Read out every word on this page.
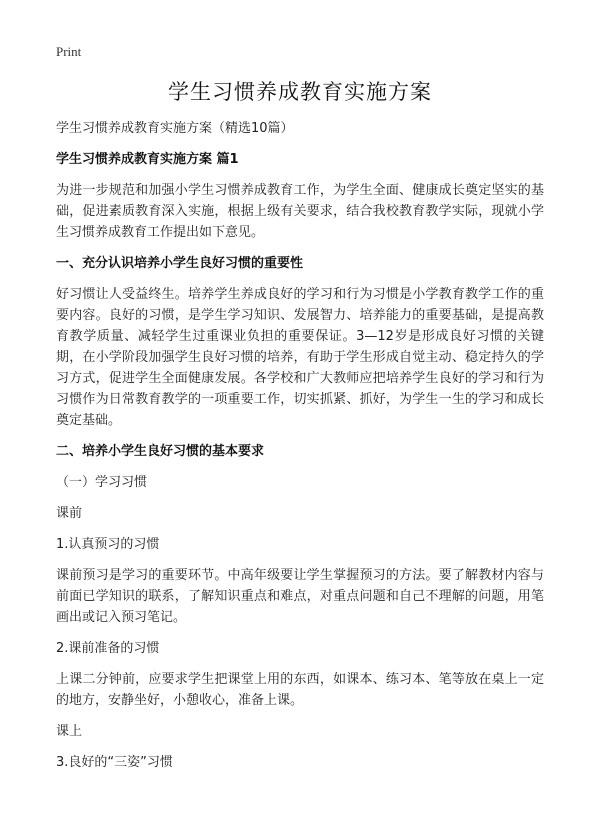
Print
学生习惯养成教育实施方案

学生习惯养成教育实施方案（精选10篇）

学生习惯养成教育实施方案 篇1

为进一步规范和加强小学生习惯养成教育工作，为学生全面、健康成长奠定坚实的基础，促进素质教育深入实施，根据上级有关要求，结合我校教育教学实际，现就小学生习惯养成教育工作提出如下意见。

一、充分认识培养小学生良好习惯的重要性

好习惯让人受益终生。培养学生养成良好的学习和行为习惯是小学教育教学工作的重要内容。良好的习惯，是学生学习知识、发展智力、培养能力的重要基础，是提高教育教学质量、减轻学生过重课业负担的重要保证。3—12岁是形成良好习惯的关键期，在小学阶段加强学生良好习惯的培养，有助于学生形成自觉主动、稳定持久的学习方式，促进学生全面健康发展。各学校和广大教师应把培养学生良好的学习和行为习惯作为日常教育教学的一项重要工作，切实抓紧、抓好，为学生一生的学习和成长奠定基础。

二、培养小学生良好习惯的基本要求

（一）学习习惯

课前

1.认真预习的习惯

课前预习是学习的重要环节。中高年级要让学生掌握预习的方法。要了解教材内容与前面已学知识的联系，了解知识重点和难点，对重点问题和自己不理解的问题，用笔画出或记入预习笔记。

2.课前准备的习惯

上课二分钟前，应要求学生把课堂上用的东西，如课本、练习本、笔等放在桌上一定的地方，安静坐好，小憩收心，准备上课。

课上

3.良好的“三姿”习惯
